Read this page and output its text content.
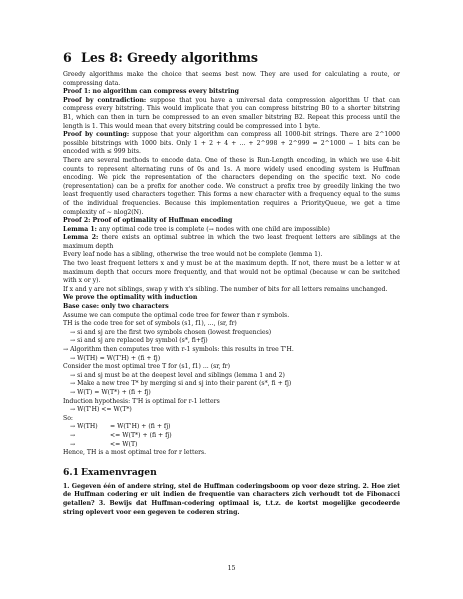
6 Les 8: Greedy algorithms

Greedy algorithms make the choice that seems best now. They are used for calculating a route, or compressing data.

Proof 1: no algorithm can compress every bitstring

Proof by contradiction: suppose that you have a universal data compression algorithm U that can compress every bitstring. This would implicate that you can compress bitstring B0 to a shorter bitstring B1, which can then in turn be compressed to an even smaller bitstring B2. Repeat this process until the length is 1. This would mean that every bitstring could be compressed into 1 byte.

Proof by counting: suppose that your algorithm can compress all 1000-bit strings. There are 2^1000 possible bitstrings with 1000 bits. Only 1 + 2 + 4 + ... + 2^998 + 2^999 = 2^1000 − 1 bits can be encoded with ≤ 999 bits.

There are several methods to encode data. One of these is Run-Length encoding, in which we use 4-bit counts to represent alternating runs of 0s and 1s. A more widely used encoding system is Huffman encoding. We pick the representation of the characters depending on the specific text. No code (representation) can be a prefix for another code. We construct a prefix tree by greedily linking the two least frequently used characters together. This forms a new character with a frequency equal to the sums of the individual frequencies. Because this implementation requires a PriorityQueue, we get a time complexity of ∼ nlog2(N).

Proof 2: Proof of optimality of Huffman encoding

Lemma 1: any optimal code tree is complete (→ nodes with one child are impossible)

Lemma 2: there exists an optimal subtree in which the two least frequent letters are siblings at the maximum depth

Every leaf node has a sibling, otherwise the tree would not be complete (lemma 1).

The two least frequent letters x and y must be at the maximum depth. If not, there must be a letter w at maximum depth that occurs more frequently, and that would not be optimal (because w can be switched with x or y).

If x and y are not siblings, swap y with x's sibling. The number of bits for all letters remains unchanged.

We prove the optimality with induction

Base case: only two characters

Assume we can compute the optimal code tree for fewer than r symbols.

TH is the code tree for set of symbols (s1, f1), ..., (sr, fr)

→ si and sj are the first two symbols chosen (lowest frequencies)

→ si and sj are replaced by symbol (s*, fi+fj)

→ Algorithm then computes tree with r-1 symbols: this results in tree T'H.

→ W(TH) = W(T'H) + (fi + fj)

Consider the most optimal tree T for (s1, f1) ... (sr, fr)

→ si and sj must be at the deepest level and siblings (lemma 1 and 2)

→ Make a new tree T* by merging si and sj into their parent (s*, fi + fj)

→ W(T) = W(T*) + (fi + fj)

Induction hypothesis: T'H is optimal for r-1 letters

→ W(T'H) <= W(T*)

So:

→ W(TH)	= W(T'H) + (fi + fj)
→	<= W(T*) + (fi + fj)
→	<= W(T)

Hence, TH is a most optimal tree for r letters.

6.1 Examenvragen

1. Gegeven één of andere string, stel de Huffman coderingsboom op voor deze string. 2. Hoe ziet de Huffman codering er uit indien de frequentie van characters zich verhoudt tot de Fibonacci getallen? 3. Bewijs dat Huffman-codering optimaal is, t.t.z. de kortst mogelijke gecodeerde string oplevert voor een gegeven te coderen string.

15
